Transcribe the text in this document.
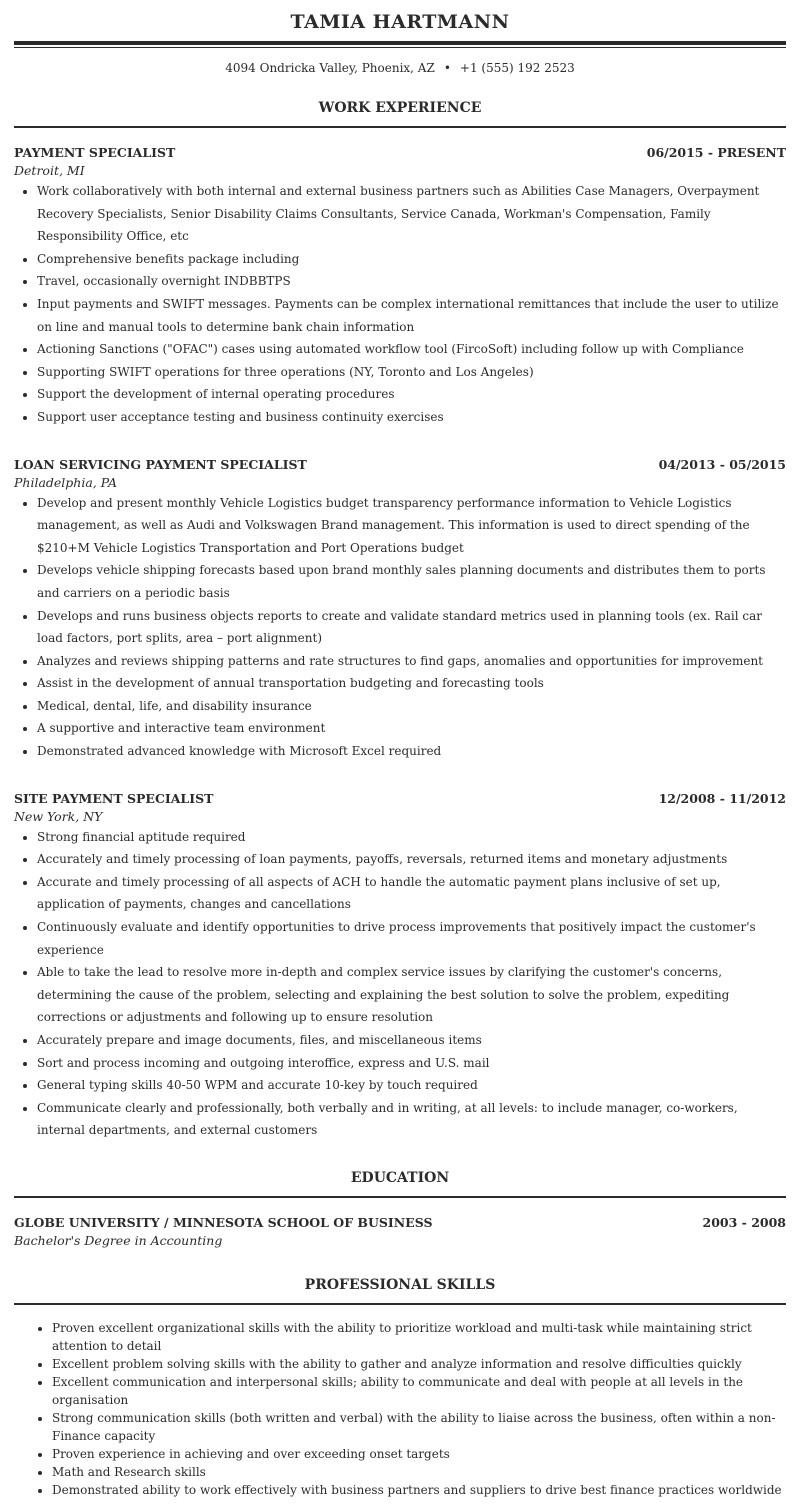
TAMIA HARTMANN
4094 Ondricka Valley, Phoenix, AZ • +1 (555) 192 2523
WORK EXPERIENCE
PAYMENT SPECIALIST	06/2015 - PRESENT
Detroit, MI
• Work collaboratively with both internal and external business partners such as Abilities Case Managers, Overpayment Recovery Specialists, Senior Disability Claims Consultants, Service Canada, Workman's Compensation, Family Responsibility Office, etc
• Comprehensive benefits package including
• Travel, occasionally overnight INDBBTPS
• Input payments and SWIFT messages. Payments can be complex international remittances that include the user to utilize on line and manual tools to determine bank chain information
• Actioning Sanctions ("OFAC") cases using automated workflow tool (FircoSoft) including follow up with Compliance
• Supporting SWIFT operations for three operations (NY, Toronto and Los Angeles)
• Support the development of internal operating procedures
• Support user acceptance testing and business continuity exercises
LOAN SERVICING PAYMENT SPECIALIST	04/2013 - 05/2015
Philadelphia, PA
• Develop and present monthly Vehicle Logistics budget transparency performance information to Vehicle Logistics management, as well as Audi and Volkswagen Brand management. This information is used to direct spending of the $210+M Vehicle Logistics Transportation and Port Operations budget
• Develops vehicle shipping forecasts based upon brand monthly sales planning documents and distributes them to ports and carriers on a periodic basis
• Develops and runs business objects reports to create and validate standard metrics used in planning tools (ex. Rail car load factors, port splits, area – port alignment)
• Analyzes and reviews shipping patterns and rate structures to find gaps, anomalies and opportunities for improvement
• Assist in the development of annual transportation budgeting and forecasting tools
• Medical, dental, life, and disability insurance
• A supportive and interactive team environment
• Demonstrated advanced knowledge with Microsoft Excel required
SITE PAYMENT SPECIALIST	12/2008 - 11/2012
New York, NY
• Strong financial aptitude required
• Accurately and timely processing of loan payments, payoffs, reversals, returned items and monetary adjustments
• Accurate and timely processing of all aspects of ACH to handle the automatic payment plans inclusive of set up, application of payments, changes and cancellations
• Continuously evaluate and identify opportunities to drive process improvements that positively impact the customer's experience
• Able to take the lead to resolve more in-depth and complex service issues by clarifying the customer's concerns, determining the cause of the problem, selecting and explaining the best solution to solve the problem, expediting corrections or adjustments and following up to ensure resolution
• Accurately prepare and image documents, files, and miscellaneous items
• Sort and process incoming and outgoing interoffice, express and U.S. mail
• General typing skills 40-50 WPM and accurate 10-key by touch required
• Communicate clearly and professionally, both verbally and in writing, at all levels: to include manager, co-workers, internal departments, and external customers
EDUCATION
GLOBE UNIVERSITY / MINNESOTA SCHOOL OF BUSINESS	2003 - 2008
Bachelor's Degree in Accounting
PROFESSIONAL SKILLS
• Proven excellent organizational skills with the ability to prioritize workload and multi-task while maintaining strict attention to detail
• Excellent problem solving skills with the ability to gather and analyze information and resolve difficulties quickly
• Excellent communication and interpersonal skills; ability to communicate and deal with people at all levels in the organisation
• Strong communication skills (both written and verbal) with the ability to liaise across the business, often within a non-Finance capacity
• Proven experience in achieving and over exceeding onset targets
• Math and Research skills
• Demonstrated ability to work effectively with business partners and suppliers to drive best finance practices worldwide
